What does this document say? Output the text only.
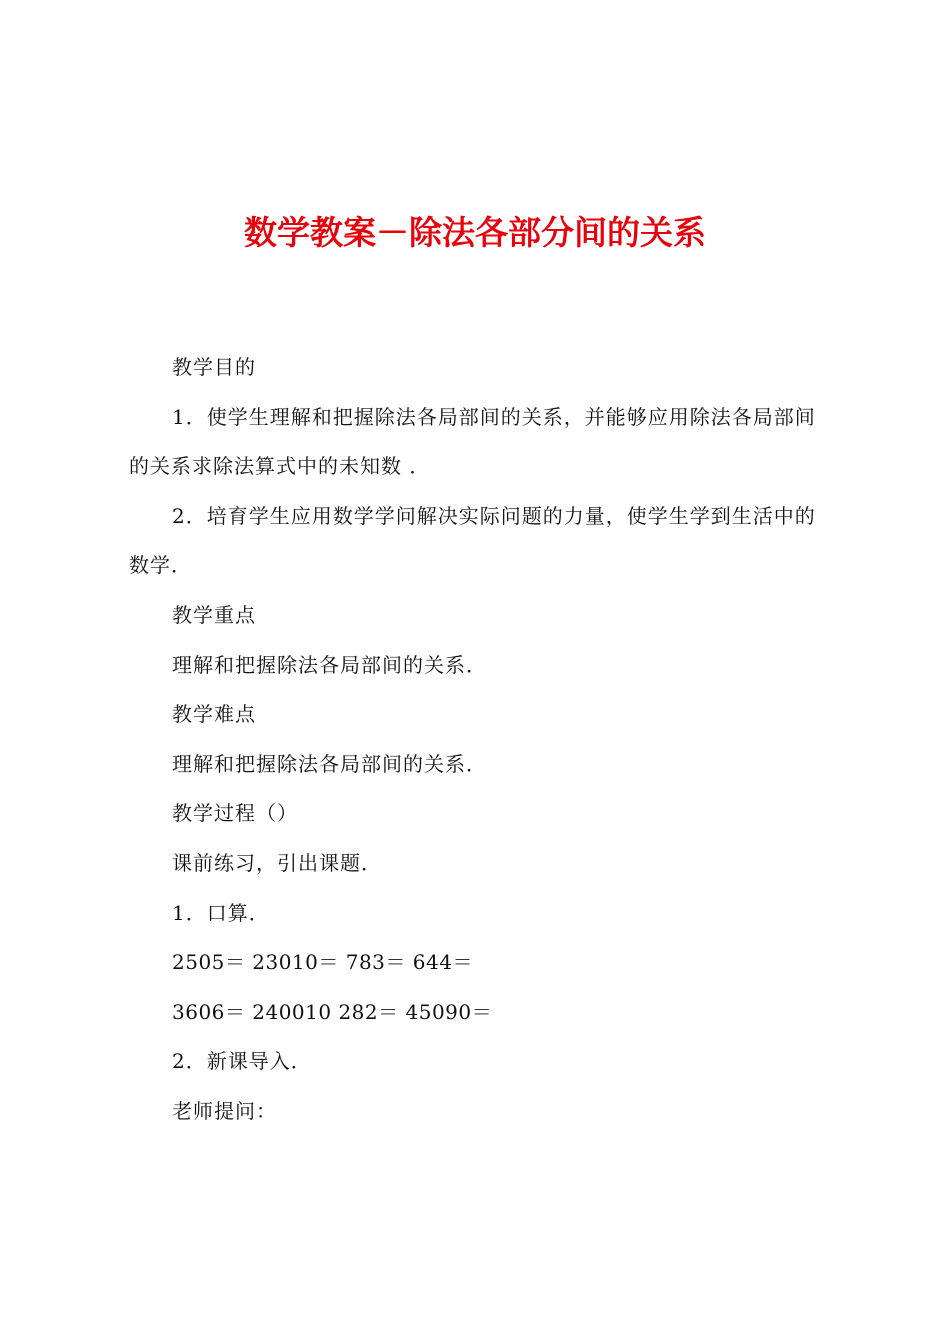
数学教案－除法各部分间的关系

教学目的

1．使学生理解和把握除法各局部间的关系，并能够应用除法各局部间的关系求除法算式中的未知数 ．

2．培育学生应用数学学问解决实际问题的力量，使学生学到生活中的数学．

教学重点

理解和把握除法各局部间的关系．

教学难点

理解和把握除法各局部间的关系．

教学过程（）

课前练习，引出课题．

1．口算．

2505＝ 23010＝ 783＝ 644＝

3606＝ 240010 282＝ 45090＝

2．新课导入．

老师提问：
